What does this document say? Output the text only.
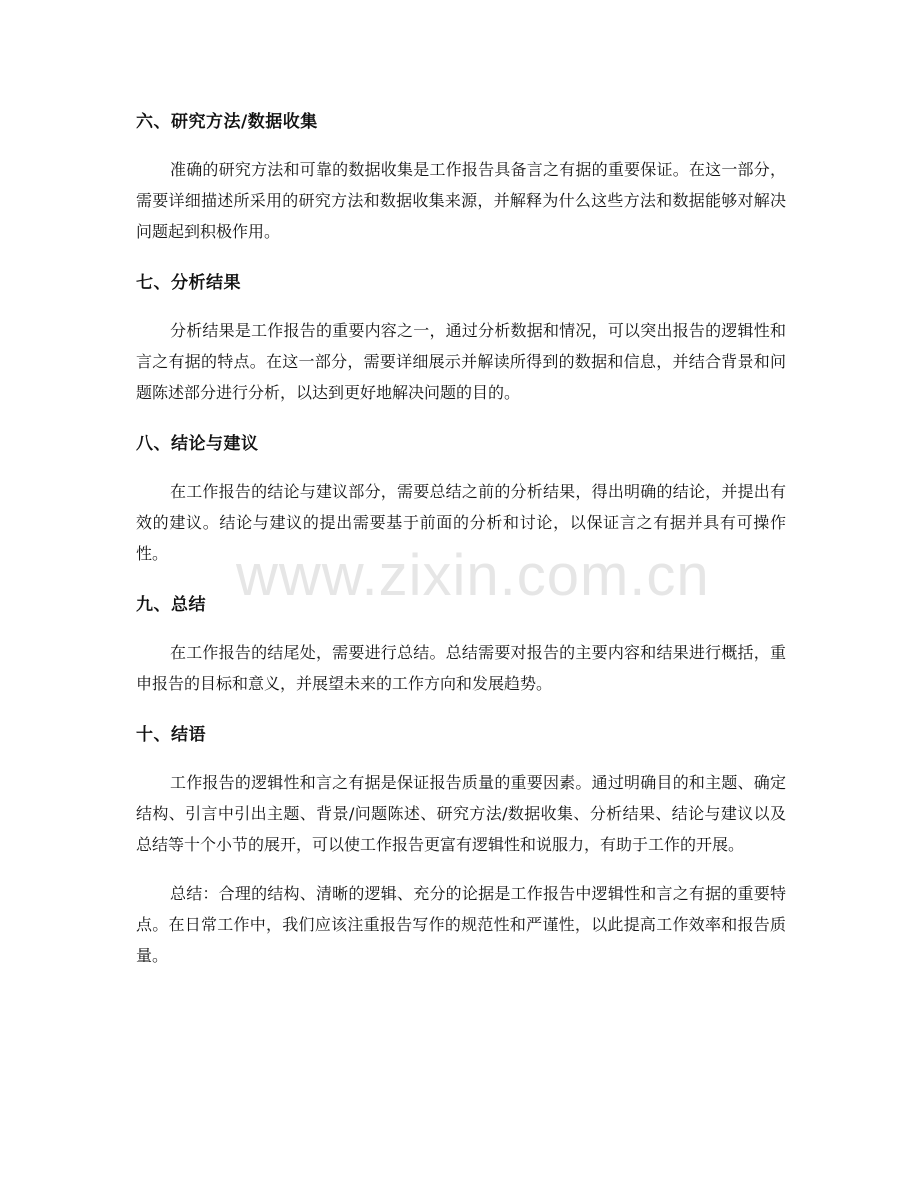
www.zixin.com.cn
六、研究方法/数据收集

准确的研究方法和可靠的数据收集是工作报告具备言之有据的重要保证。在这一部分，需要详细描述所采用的研究方法和数据收集来源，并解释为什么这些方法和数据能够对解决问题起到积极作用。

七、分析结果

分析结果是工作报告的重要内容之一，通过分析数据和情况，可以突出报告的逻辑性和言之有据的特点。在这一部分，需要详细展示并解读所得到的数据和信息，并结合背景和问题陈述部分进行分析，以达到更好地解决问题的目的。

八、结论与建议

在工作报告的结论与建议部分，需要总结之前的分析结果，得出明确的结论，并提出有效的建议。结论与建议的提出需要基于前面的分析和讨论，以保证言之有据并具有可操作性。

九、总结

在工作报告的结尾处，需要进行总结。总结需要对报告的主要内容和结果进行概括，重申报告的目标和意义，并展望未来的工作方向和发展趋势。

十、结语

工作报告的逻辑性和言之有据是保证报告质量的重要因素。通过明确目的和主题、确定结构、引言中引出主题、背景/问题陈述、研究方法/数据收集、分析结果、结论与建议以及总结等十个小节的展开，可以使工作报告更富有逻辑性和说服力，有助于工作的开展。

总结：合理的结构、清晰的逻辑、充分的论据是工作报告中逻辑性和言之有据的重要特点。在日常工作中，我们应该注重报告写作的规范性和严谨性，以此提高工作效率和报告质量。
